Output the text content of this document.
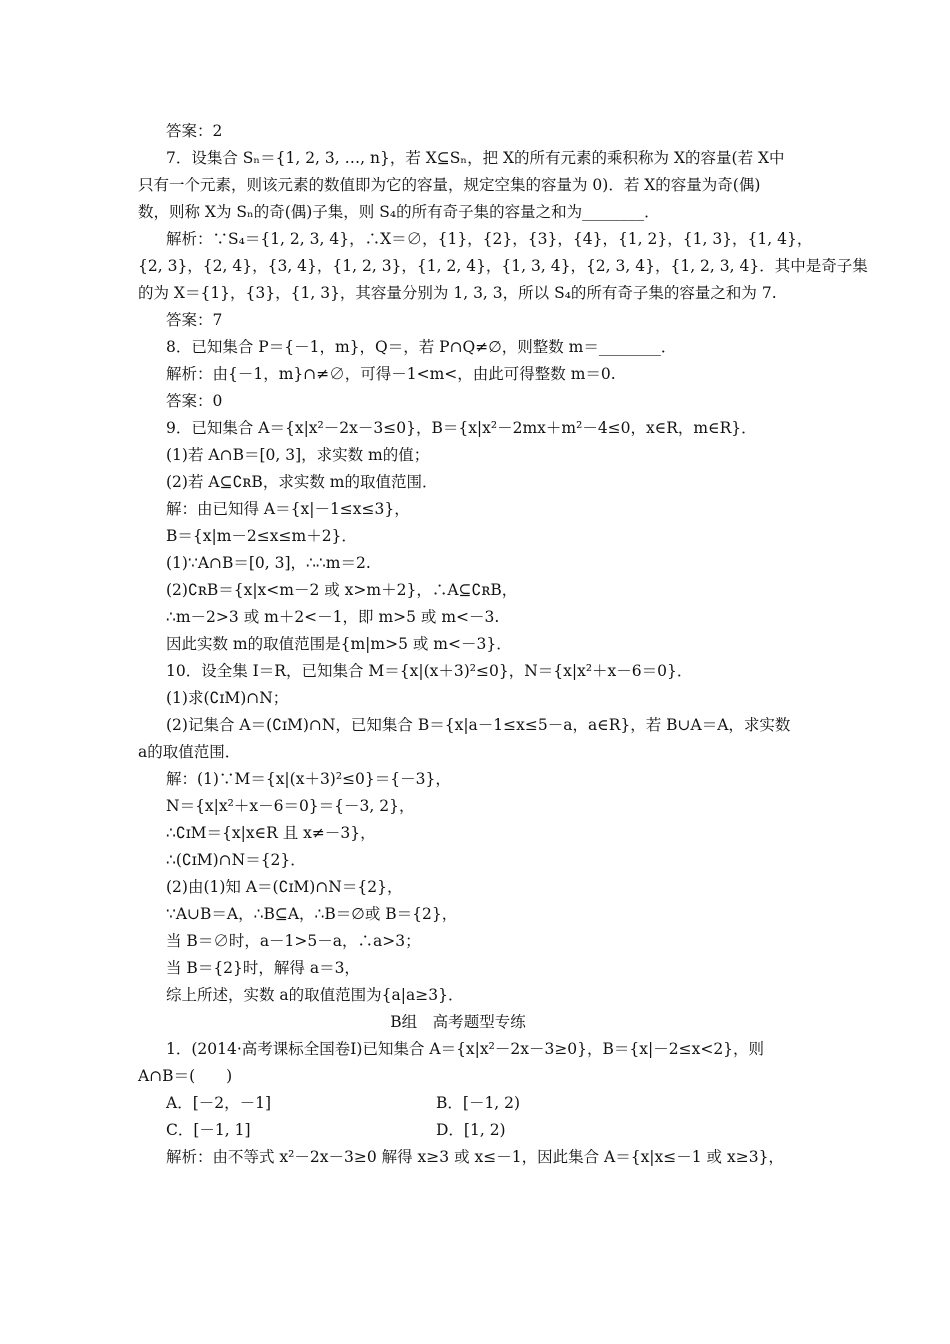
答案：2
7．设集合 Sₙ＝{1, 2, 3, …, n}，若 X⊆Sₙ，把 X的所有元素的乘积称为 X的容量(若 X中
只有一个元素，则该元素的数值即为它的容量，规定空集的容量为 0)．若 X的容量为奇(偶)
数，则称 X为 Sₙ的奇(偶)子集，则 S₄的所有奇子集的容量之和为________．
解析：∵S₄＝{1, 2, 3, 4}，∴X＝∅，{1}，{2}，{3}，{4}，{1, 2}，{1, 3}，{1, 4}，
{2, 3}，{2, 4}，{3, 4}，{1, 2, 3}，{1, 2, 4}，{1, 3, 4}，{2, 3, 4}，{1, 2, 3, 4}．其中是奇子集
的为 X＝{1}，{3}，{1, 3}，其容量分别为 1, 3, 3，所以 S₄的所有奇子集的容量之和为 7.
答案：7
8．已知集合 P＝{－1，m}，Q＝，若 P∩Q≠∅，则整数 m＝________．
解析：由{－1，m}∩≠∅，可得－1<m<，由此可得整数 m＝0.
答案：0
9．已知集合 A＝{x|x²－2x－3≤0}，B＝{x|x²－2mx＋m²－4≤0，x∈R，m∈R}．
(1)若 A∩B＝[0, 3]，求实数 m的值；
(2)若 A⊆∁ʀB，求实数 m的取值范围．
解：由已知得 A＝{x|－1≤x≤3}，
B＝{x|m－2≤x≤m＋2}．
(1)∵A∩B＝[0, 3]，∴∴m＝2.
(2)∁ʀB＝{x|x<m－2 或 x>m＋2}，∴A⊆∁ʀB，
∴m－2>3 或 m＋2<－1，即 m>5 或 m<－3.
因此实数 m的取值范围是{m|m>5 或 m<－3}．
10．设全集 I＝R，已知集合 M＝{x|(x＋3)²≤0}，N＝{x|x²＋x－6＝0}．
(1)求(∁ɪM)∩N；
(2)记集合 A＝(∁ɪM)∩N，已知集合 B＝{x|a－1≤x≤5－a，a∈R}，若 B∪A＝A，求实数
a的取值范围．
解：(1)∵M＝{x|(x＋3)²≤0}＝{－3}，
N＝{x|x²＋x－6＝0}＝{－3, 2}，
∴∁ɪM＝{x|x∈R 且 x≠－3}，
∴(∁ɪM)∩N＝{2}．
(2)由(1)知 A＝(∁ɪM)∩N＝{2}，
∵A∪B＝A，∴B⊆A，∴B＝∅或 B＝{2}，
当 B＝∅时，a－1>5－a，∴a>3；
当 B＝{2}时，解得 a＝3，
综上所述，实数 a的取值范围为{a|a≥3}．
B组　高考题型专练
1．(2014·高考课标全国卷Ⅰ)已知集合 A＝{x|x²－2x－3≥0}，B＝{x|－2≤x<2}，则
A∩B＝(　　)
A．[－2，－1]	B．[－1, 2)
C．[－1, 1]	D．[1, 2)
解析：由不等式 x²－2x－3≥0 解得 x≥3 或 x≤－1，因此集合 A＝{x|x≤－1 或 x≥3}，
